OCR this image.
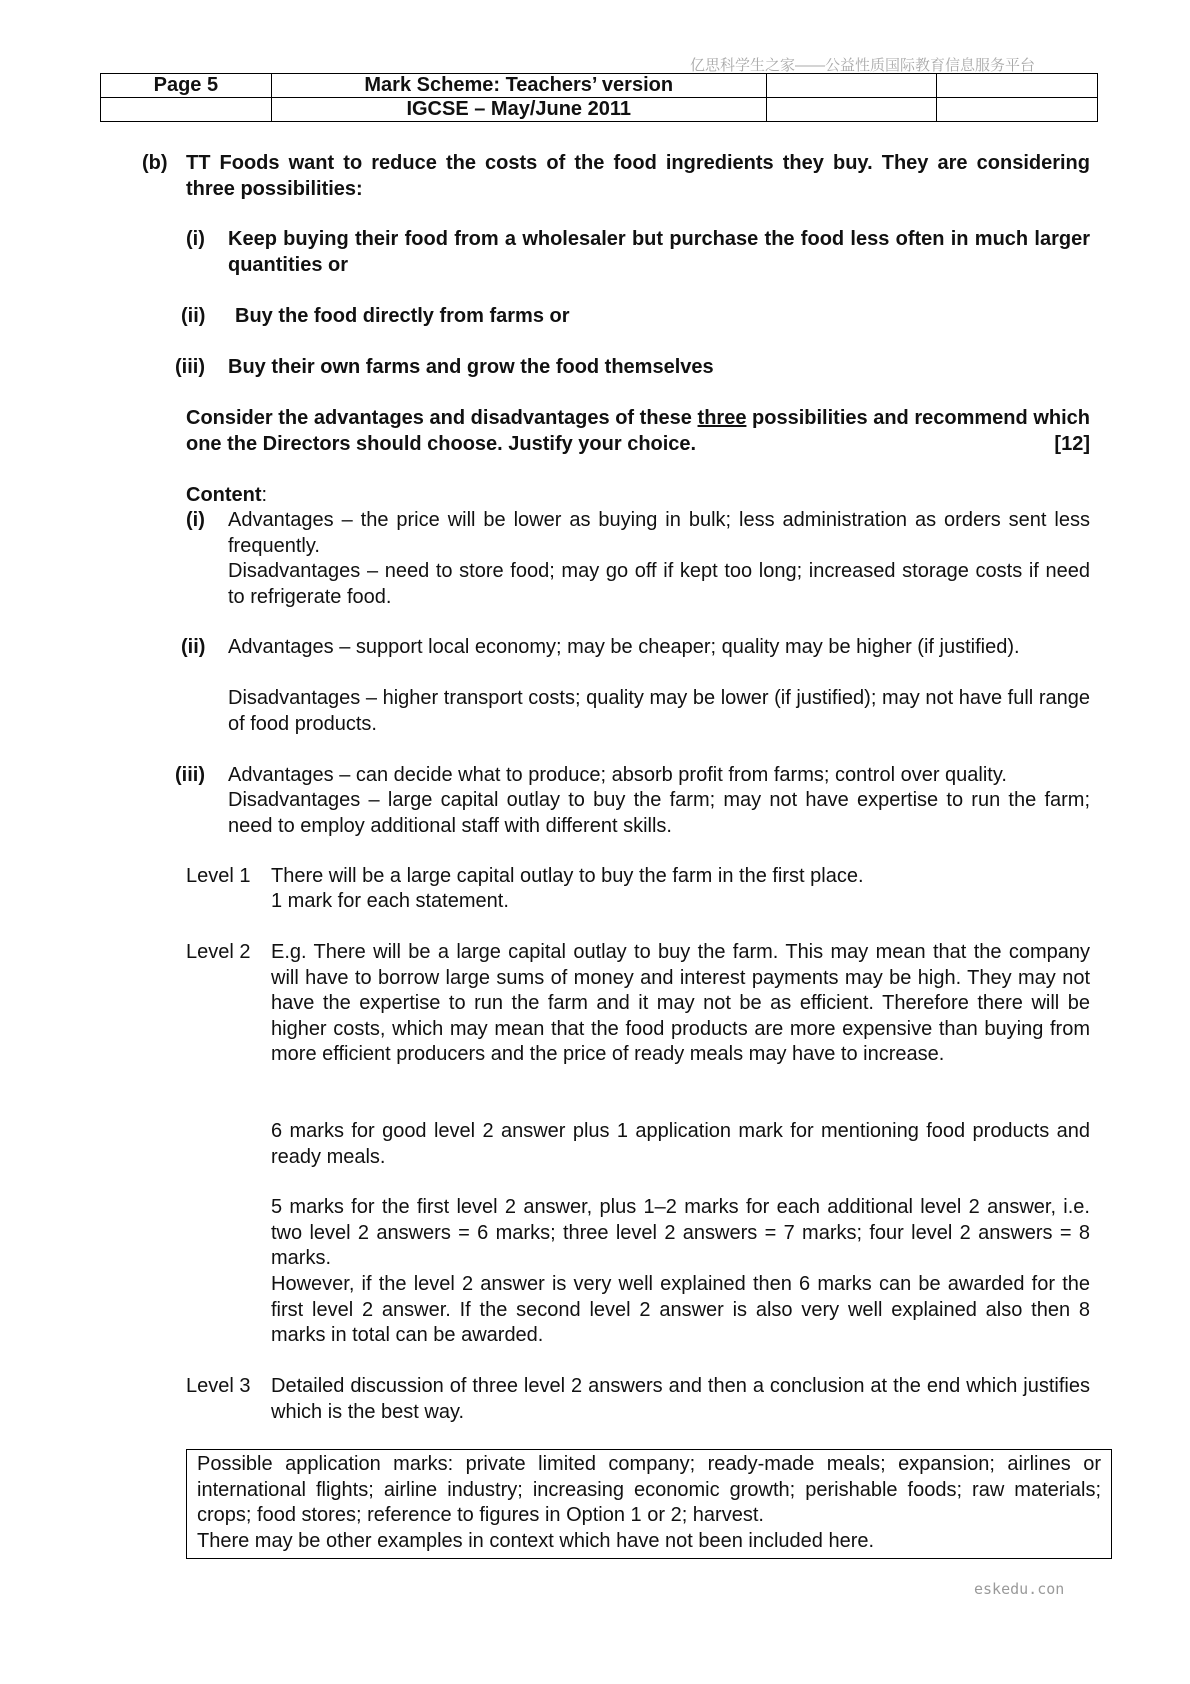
亿思科学生之家——公益性质国际教育信息服务平台
Page 5	Mark Scheme: Teachers’ version		
	IGCSE – May/June 2011		
(b) TT Foods want to reduce the costs of the food ingredients they buy. They are considering three possibilities:
(i) Keep buying their food from a wholesaler but purchase the food less often in much larger quantities or
(ii) Buy the food directly from farms or
(iii) Buy their own farms and grow the food themselves
Consider the advantages and disadvantages of these three possibilities and recommend which one the Directors should choose. Justify your choice.	[12]
Content:
(i) Advantages – the price will be lower as buying in bulk; less administration as orders sent less frequently.
Disadvantages – need to store food; may go off if kept too long; increased storage costs if need to refrigerate food.
(ii) Advantages – support local economy; may be cheaper; quality may be higher (if justified).
Disadvantages – higher transport costs; quality may be lower (if justified); may not have full range of food products.
(iii) Advantages – can decide what to produce; absorb profit from farms; control over quality.
Disadvantages – large capital outlay to buy the farm; may not have expertise to run the farm; need to employ additional staff with different skills.
Level 1 There will be a large capital outlay to buy the farm in the first place.
1 mark for each statement.
Level 2 E.g. There will be a large capital outlay to buy the farm. This may mean that the company will have to borrow large sums of money and interest payments may be high. They may not have the expertise to run the farm and it may not be as efficient. Therefore there will be higher costs, which may mean that the food products are more expensive than buying from more efficient producers and the price of ready meals may have to increase.
6 marks for good level 2 answer plus 1 application mark for mentioning food products and ready meals.
5 marks for the first level 2 answer, plus 1–2 marks for each additional level 2 answer, i.e. two level 2 answers = 6 marks; three level 2 answers = 7 marks; four level 2 answers = 8 marks.
However, if the level 2 answer is very well explained then 6 marks can be awarded for the first level 2 answer. If the second level 2 answer is also very well explained also then 8 marks in total can be awarded.
Level 3 Detailed discussion of three level 2 answers and then a conclusion at the end which justifies which is the best way.
Possible application marks: private limited company; ready-made meals; expansion; airlines or international flights; airline industry; increasing economic growth; perishable foods; raw materials; crops; food stores; reference to figures in Option 1 or 2; harvest.
There may be other examples in context which have not been included here.
eskedu.con
